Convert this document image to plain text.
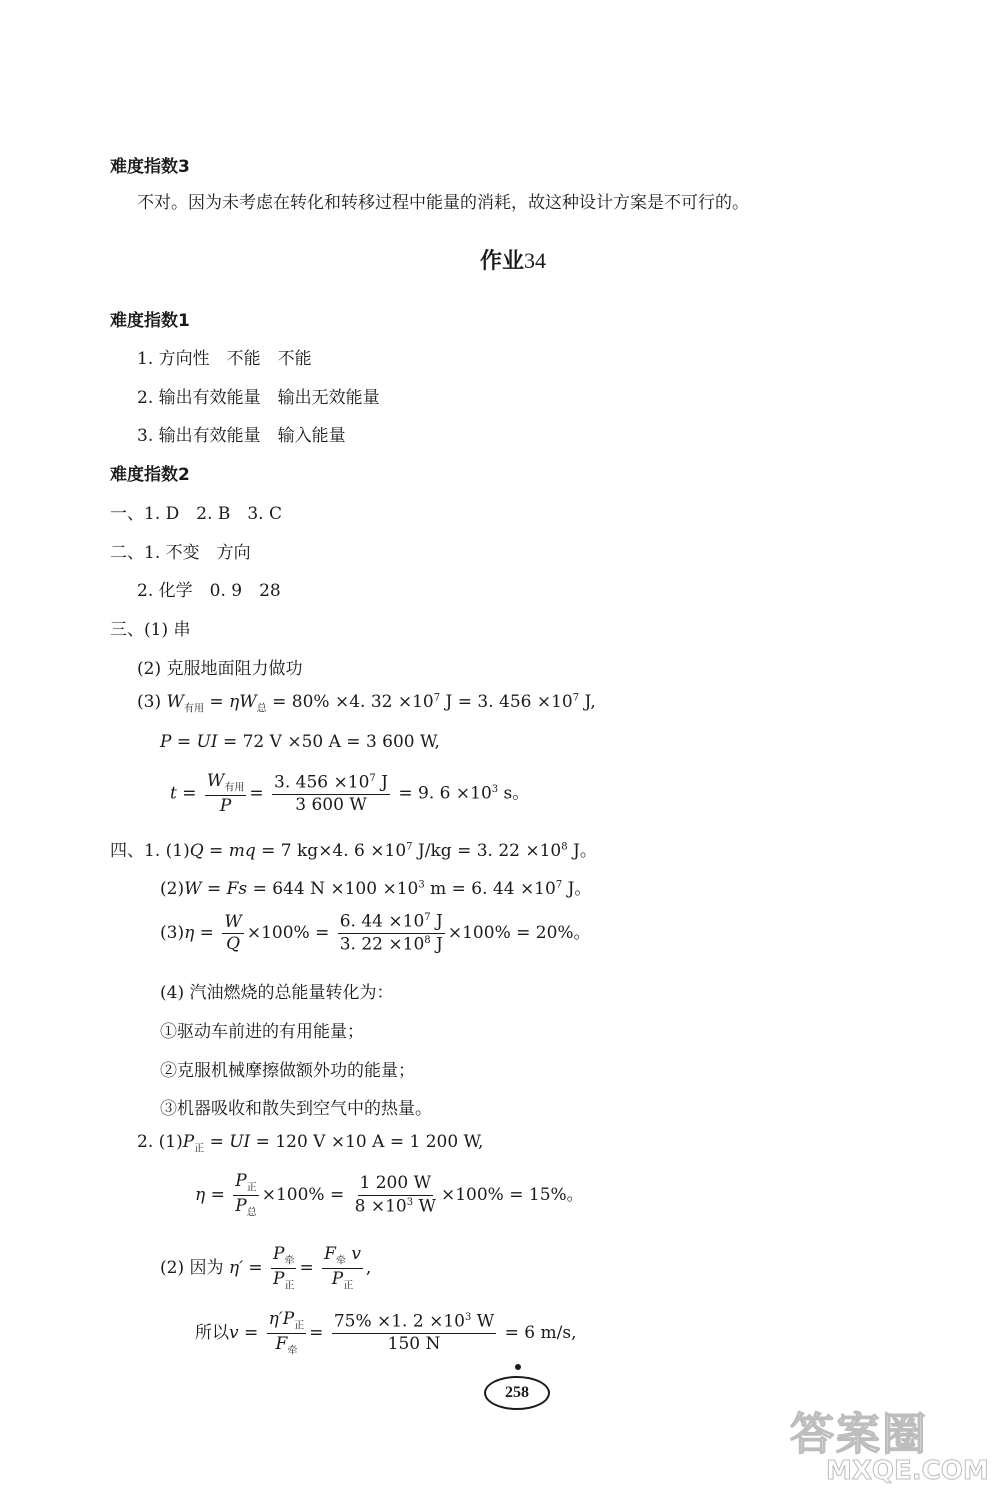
难度指数3
不对。因为未考虑在转化和转移过程中能量的消耗，故这种设计方案是不可行的。
作业34
难度指数1
1. 方向性　不能　不能
2. 输出有效能量　输出无效能量
3. 输出有效能量　输入能量
难度指数2
一、1. D　2. B　3. C
二、1. 不变　方向
2. 化学　0. 9　28
三、(1) 串
(2) 克服地面阻力做功
(3) $W_{有用} = \eta W_总 = 80\% \times 4$. $32 \times 10^7$ J = 3. $456 \times 10^7$ J,
P = UI = 72 V ×50 A = 3 600 W,
$t = \frac{W_{有用}}{P} = \frac{3. 456 \times 10^7 J}{3 600 W} = 9$. $6 \times 10^3$ s。
四、1. (1)Q = mq = 7 kg×4. $6 \times 10^7$ J/kg = 3. $22 \times 10^8$ J。
(2)W = Fs = 644 $N \times 100 \times 10^3$ m = 6. $44 \times 10^7$ J。
$(3)\eta = \frac{W}{Q} \times 100\% = \frac{6. 44 \times 10^7 J}{3. 22 \times 10^8 J} \times 100\% = 20\%$。
(4) 汽油燃烧的总能量转化为：
①驱动车前进的有用能量；
②克服机械摩擦做额外功的能量；
③机器吸收和散失到空气中的热量。
2. $(1)P_正$ = UI = 120 V ×10 A = 1 200 W,
$\eta = \frac{P_正}{P_总} \times 100\% = \frac{1 200 W}{8 \times 10^3 W} \times 100\% = 15\%$。
(2) 因为 $\eta' = \frac{P_牵}{P_正} = \frac{F_牵 v}{P_正}$ ,
所以$v = \frac{\eta'P_正}{F_牵} = \frac{75\% \times 1. 2 \times 10^3 W}{150 N} = 6$ m/s,
258
答案圈
MXQE.COM
